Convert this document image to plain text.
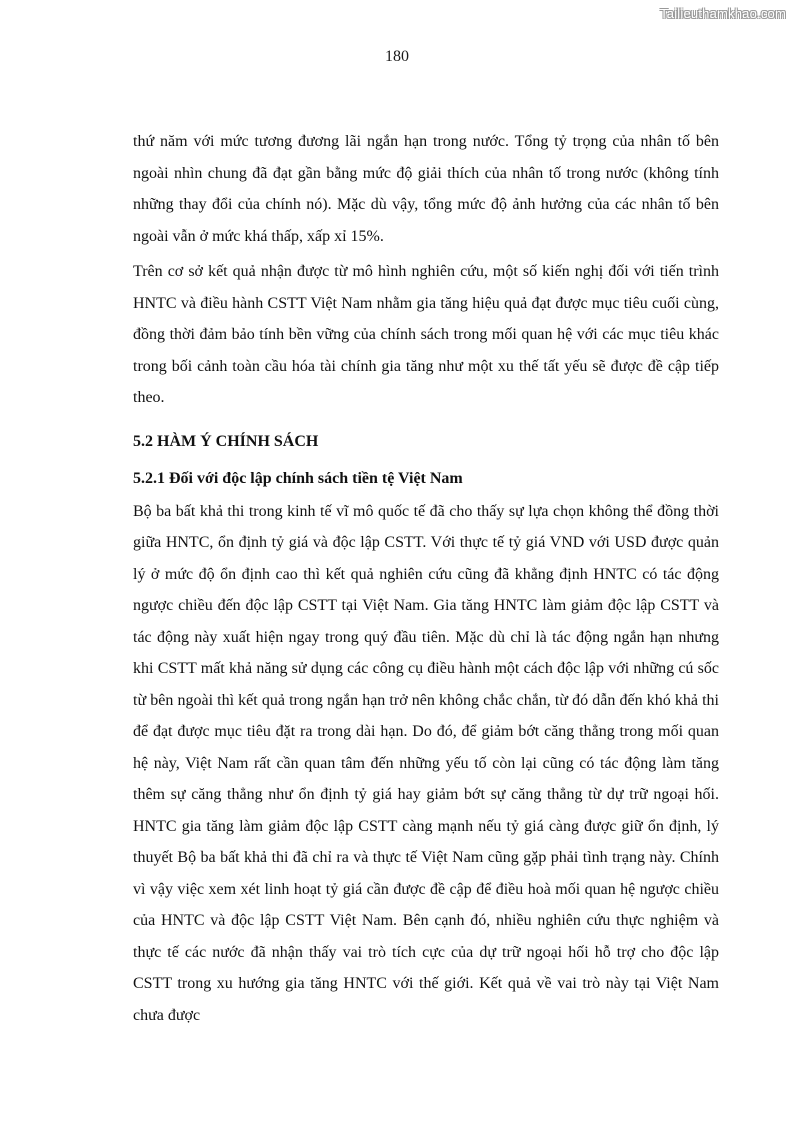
Tailieuthamkhao.com
180

thứ năm với mức tương đương lãi ngắn hạn trong nước. Tổng tỷ trọng của nhân tố bên ngoài nhìn chung đã đạt gần bằng mức độ giải thích của nhân tố trong nước (không tính những thay đổi của chính nó). Mặc dù vậy, tổng mức độ ảnh hưởng của các nhân tố bên ngoài vẫn ở mức khá thấp, xấp xỉ 15%.

Trên cơ sở kết quả nhận được từ mô hình nghiên cứu, một số kiến nghị đối với tiến trình HNTC và điều hành CSTT Việt Nam nhằm gia tăng hiệu quả đạt được mục tiêu cuối cùng, đồng thời đảm bảo tính bền vững của chính sách trong mối quan hệ với các mục tiêu khác trong bối cảnh toàn cầu hóa tài chính gia tăng như một xu thế tất yếu sẽ được đề cập tiếp theo.

5.2 HÀM Ý CHÍNH SÁCH
5.2.1 Đối với độc lập chính sách tiền tệ Việt Nam

Bộ ba bất khả thi trong kinh tế vĩ mô quốc tế đã cho thấy sự lựa chọn không thể đồng thời giữa HNTC, ổn định tỷ giá và độc lập CSTT. Với thực tế tỷ giá VND với USD được quản lý ở mức độ ổn định cao thì kết quả nghiên cứu cũng đã khẳng định HNTC có tác động ngược chiều đến độc lập CSTT tại Việt Nam. Gia tăng HNTC làm giảm độc lập CSTT và tác động này xuất hiện ngay trong quý đầu tiên. Mặc dù chỉ là tác động ngắn hạn nhưng khi CSTT mất khả năng sử dụng các công cụ điều hành một cách độc lập với những cú sốc từ bên ngoài thì kết quả trong ngắn hạn trở nên không chắc chắn, từ đó dẫn đến khó khả thi để đạt được mục tiêu đặt ra trong dài hạn. Do đó, để giảm bớt căng thẳng trong mối quan hệ này, Việt Nam rất cần quan tâm đến những yếu tố còn lại cũng có tác động làm tăng thêm sự căng thẳng như ổn định tỷ giá hay giảm bớt sự căng thẳng từ dự trữ ngoại hối. HNTC gia tăng làm giảm độc lập CSTT càng mạnh nếu tỷ giá càng được giữ ổn định, lý thuyết Bộ ba bất khả thi đã chỉ ra và thực tế Việt Nam cũng gặp phải tình trạng này. Chính vì vậy việc xem xét linh hoạt tỷ giá cần được đề cập để điều hoà mối quan hệ ngược chiều của HNTC và độc lập CSTT Việt Nam. Bên cạnh đó, nhiều nghiên cứu thực nghiệm và thực tế các nước đã nhận thấy vai trò tích cực của dự trữ ngoại hối hỗ trợ cho độc lập CSTT trong xu hướng gia tăng HNTC với thế giới. Kết quả về vai trò này tại Việt Nam chưa được
